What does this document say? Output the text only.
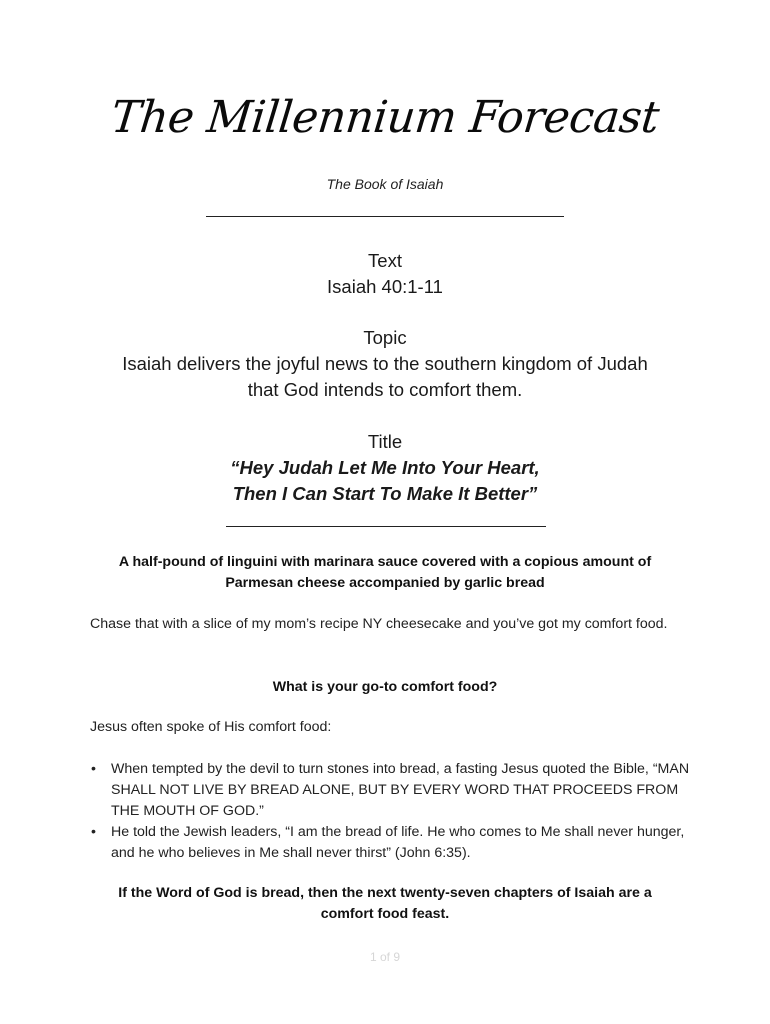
The Millennium Forecast
The Book of Isaiah
Text
Isaiah 40:1-11
Topic
Isaiah delivers the joyful news to the southern kingdom of Judah
that God intends to comfort them.
Title
“Hey Judah Let Me Into Your Heart,
Then I Can Start To Make It Better”
A half-pound of linguini with marinara sauce covered with a copious amount of Parmesan cheese accompanied by garlic bread
Chase that with a slice of my mom’s recipe NY cheesecake and you’ve got my comfort food.
What is your go-to comfort food?
Jesus often spoke of His comfort food:
• When tempted by the devil to turn stones into bread, a fasting Jesus quoted the Bible, “MAN SHALL NOT LIVE BY BREAD ALONE, BUT BY EVERY WORD THAT PROCEEDS FROM THE MOUTH OF GOD.”
• He told the Jewish leaders, “I am the bread of life. He who comes to Me shall never hunger, and he who believes in Me shall never thirst” (John 6:35).
If the Word of God is bread, then the next twenty-seven chapters of Isaiah are a comfort food feast.
1 of 9
